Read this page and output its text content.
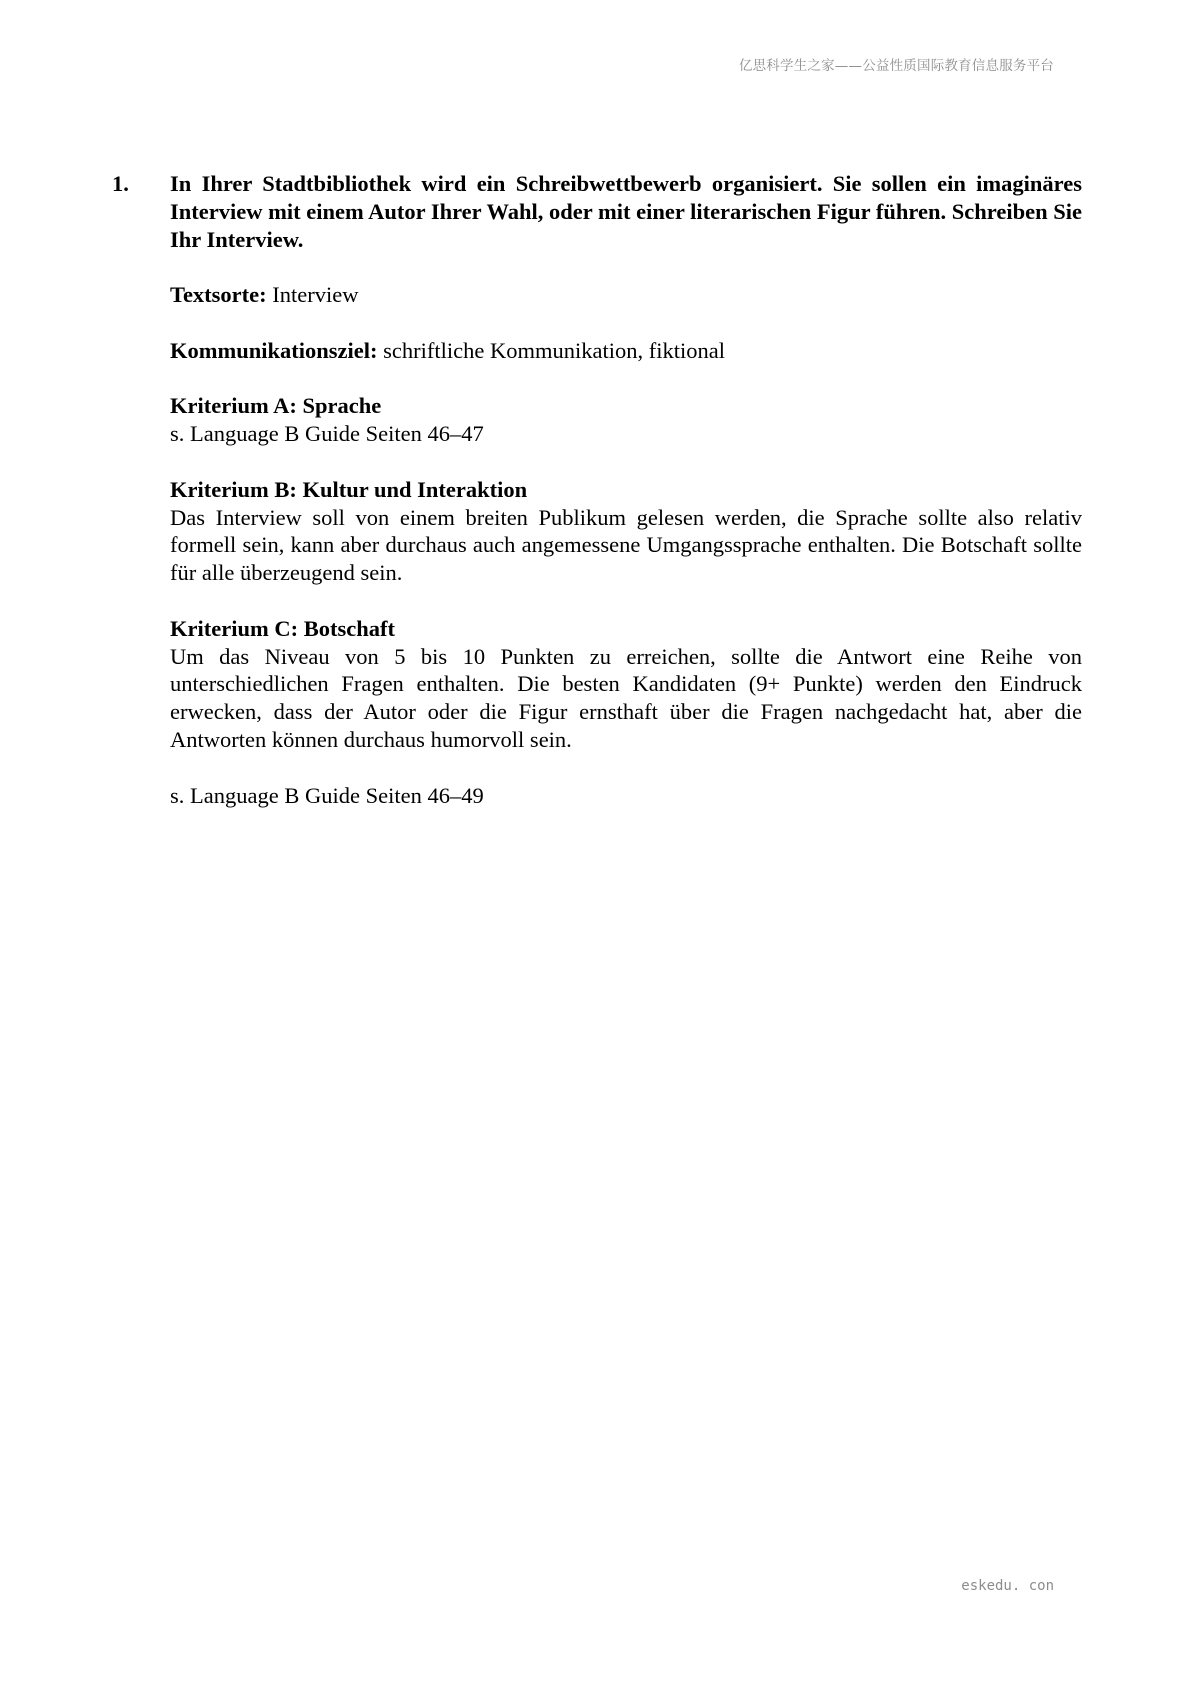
亿思科学生之家——公益性质国际教育信息服务平台
1. In Ihrer Stadtbibliothek wird ein Schreibwettbewerb organisiert. Sie sollen ein imaginäres Interview mit einem Autor Ihrer Wahl, oder mit einer literarischen Figur führen. Schreiben Sie Ihr Interview.

Textsorte: Interview

Kommunikationsziel: schriftliche Kommunikation, fiktional

Kriterium A: Sprache
s. Language B Guide Seiten 46–47
Kriterium B: Kultur und Interaktion
Das Interview soll von einem breiten Publikum gelesen werden, die Sprache sollte also relativ formell sein, kann aber durchaus auch angemessene Umgangssprache enthalten. Die Botschaft sollte für alle überzeugend sein.
Kriterium C: Botschaft
Um das Niveau von 5 bis 10 Punkten zu erreichen, sollte die Antwort eine Reihe von unterschiedlichen Fragen enthalten. Die besten Kandidaten (9+ Punkte) werden den Eindruck erwecken, dass der Autor oder die Figur ernsthaft über die Fragen nachgedacht hat, aber die Antworten können durchaus humorvoll sein.

s. Language B Guide Seiten 46–49

eskedu. con
